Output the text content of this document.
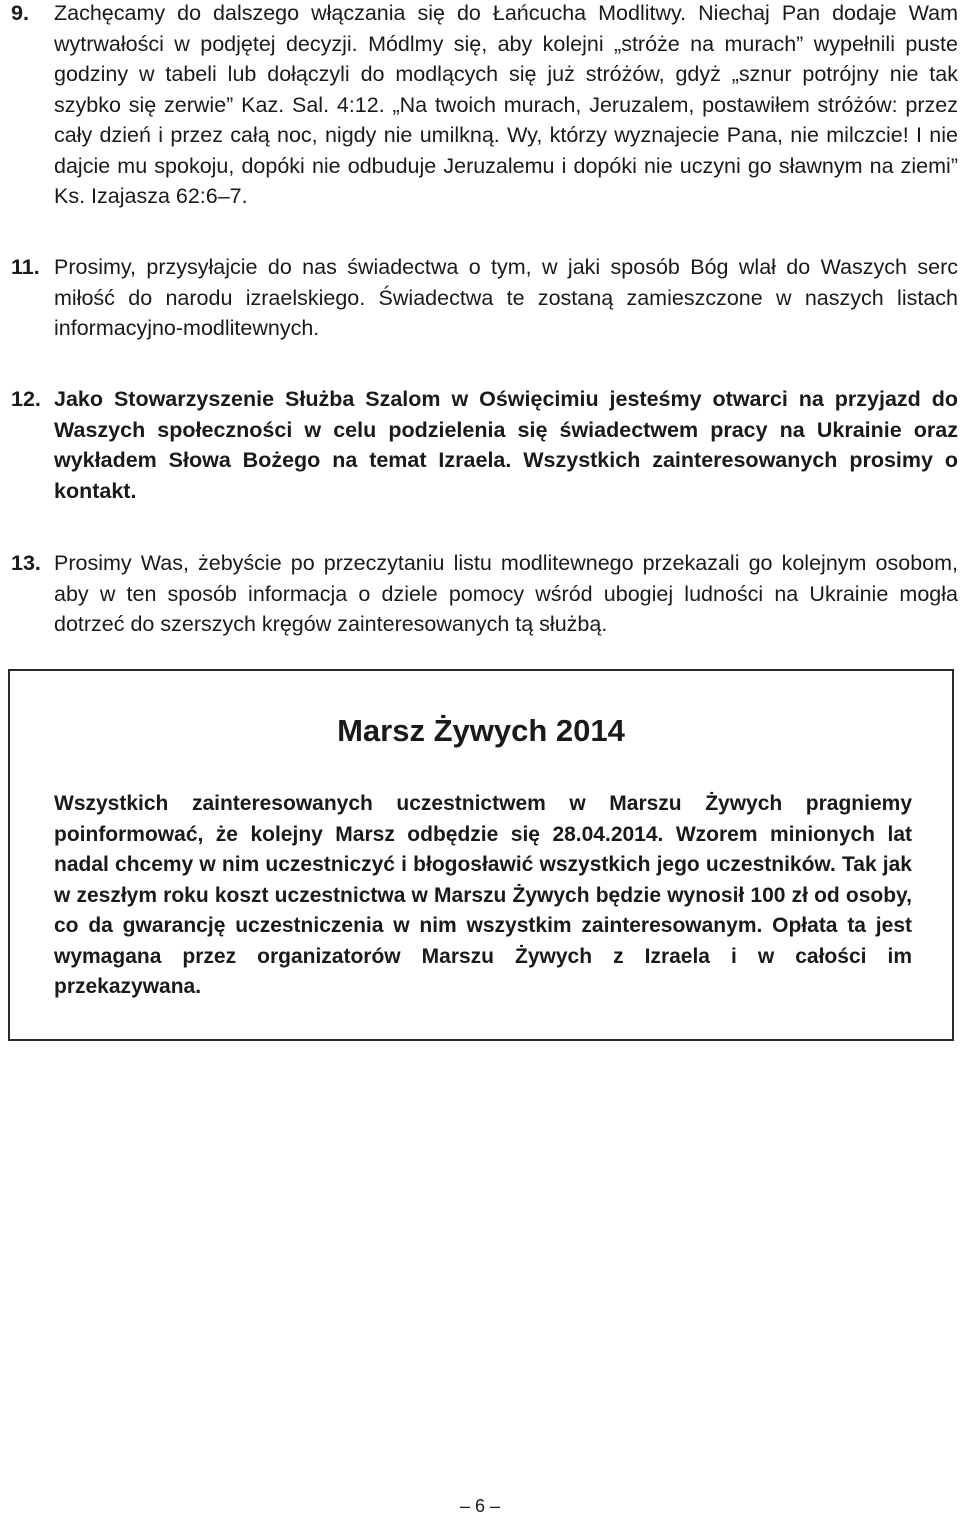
9. Zachęcamy do dalszego włączania się do Łańcucha Modlitwy. Niechaj Pan dodaje Wam wytrwałości w podjętej decyzji. Módlmy się, aby kolejni „stróże na murach” wypełnili puste godziny w tabeli lub dołączyli do modlących się już stróżów, gdyż „sznur potrójny nie tak szybko się zerwie” Kaz. Sal. 4:12. „Na twoich murach, Jeruzalem, postawiłem stróżów: przez cały dzień i przez całą noc, nigdy nie umilkną. Wy, którzy wyznajecie Pana, nie milczcie! I nie dajcie mu spokoju, dopóki nie odbuduje Jeruzalemu i dopóki nie uczyni go sławnym na ziemi” Ks. Izajasza 62:6–7.

11. Prosimy, przysyłajcie do nas świadectwa o tym, w jaki sposób Bóg wlał do Waszych serc miłość do narodu izraelskiego. Świadectwa te zostaną zamieszczone w naszych listach informacyjno-modlitewnych.

12. Jako Stowarzyszenie Służba Szalom w Oświęcimiu jesteśmy otwarci na przyjazd do Waszych społeczności w celu podzielenia się świadectwem pracy na Ukrainie oraz wykładem Słowa Bożego na temat Izraela. Wszystkich zainteresowanych prosimy o kontakt.

13. Prosimy Was, żebyście po przeczytaniu listu modlitewnego przekazali go kolejnym osobom, aby w ten sposób informacja o dziele pomocy wśród ubogiej ludności na Ukrainie mogła dotrzeć do szerszych kręgów zainteresowanych tą służbą.

Marsz Żywych 2014
Wszystkich zainteresowanych uczestnictwem w Marszu Żywych pragniemy poinformować, że kolejny Marsz odbędzie się 28.04.2014. Wzorem minionych lat nadal chcemy w nim uczestniczyć i błogosławić wszystkich jego uczestników. Tak jak w zeszłym roku koszt uczestnictwa w Marszu Żywych będzie wynosił 100 zł od osoby, co da gwarancję uczestniczenia w nim wszystkim zainteresowanym. Opłata ta jest wymagana przez organizatorów Marszu Żywych z Izraela i w całości im przekazywana.
– 6 –
